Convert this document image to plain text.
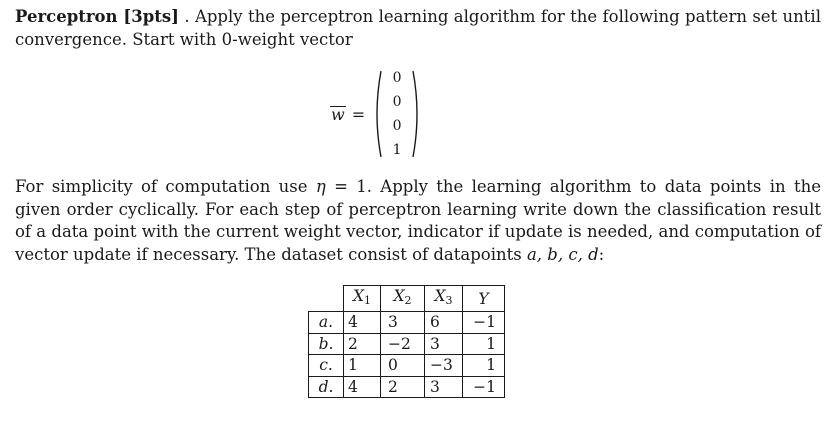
Perceptron [3pts] . Apply the perceptron learning algorithm for the following pattern set until convergence. Start with 0-weight vector
w =
0
0
0
1
For simplicity of computation use η = 1. Apply the learning algorithm to data points in the given order cyclically. For each step of perceptron learning write down the classification result of a data point with the current weight vector, indicator if update is needed, and computation of vector update if necessary. The dataset consist of datapoints a, b, c, d:
	X1	X2	X3	Y
a.	4	3	6	−1
b.	2	−2	3	1
c.	1	0	−3	1
d.	4	2	3	−1
